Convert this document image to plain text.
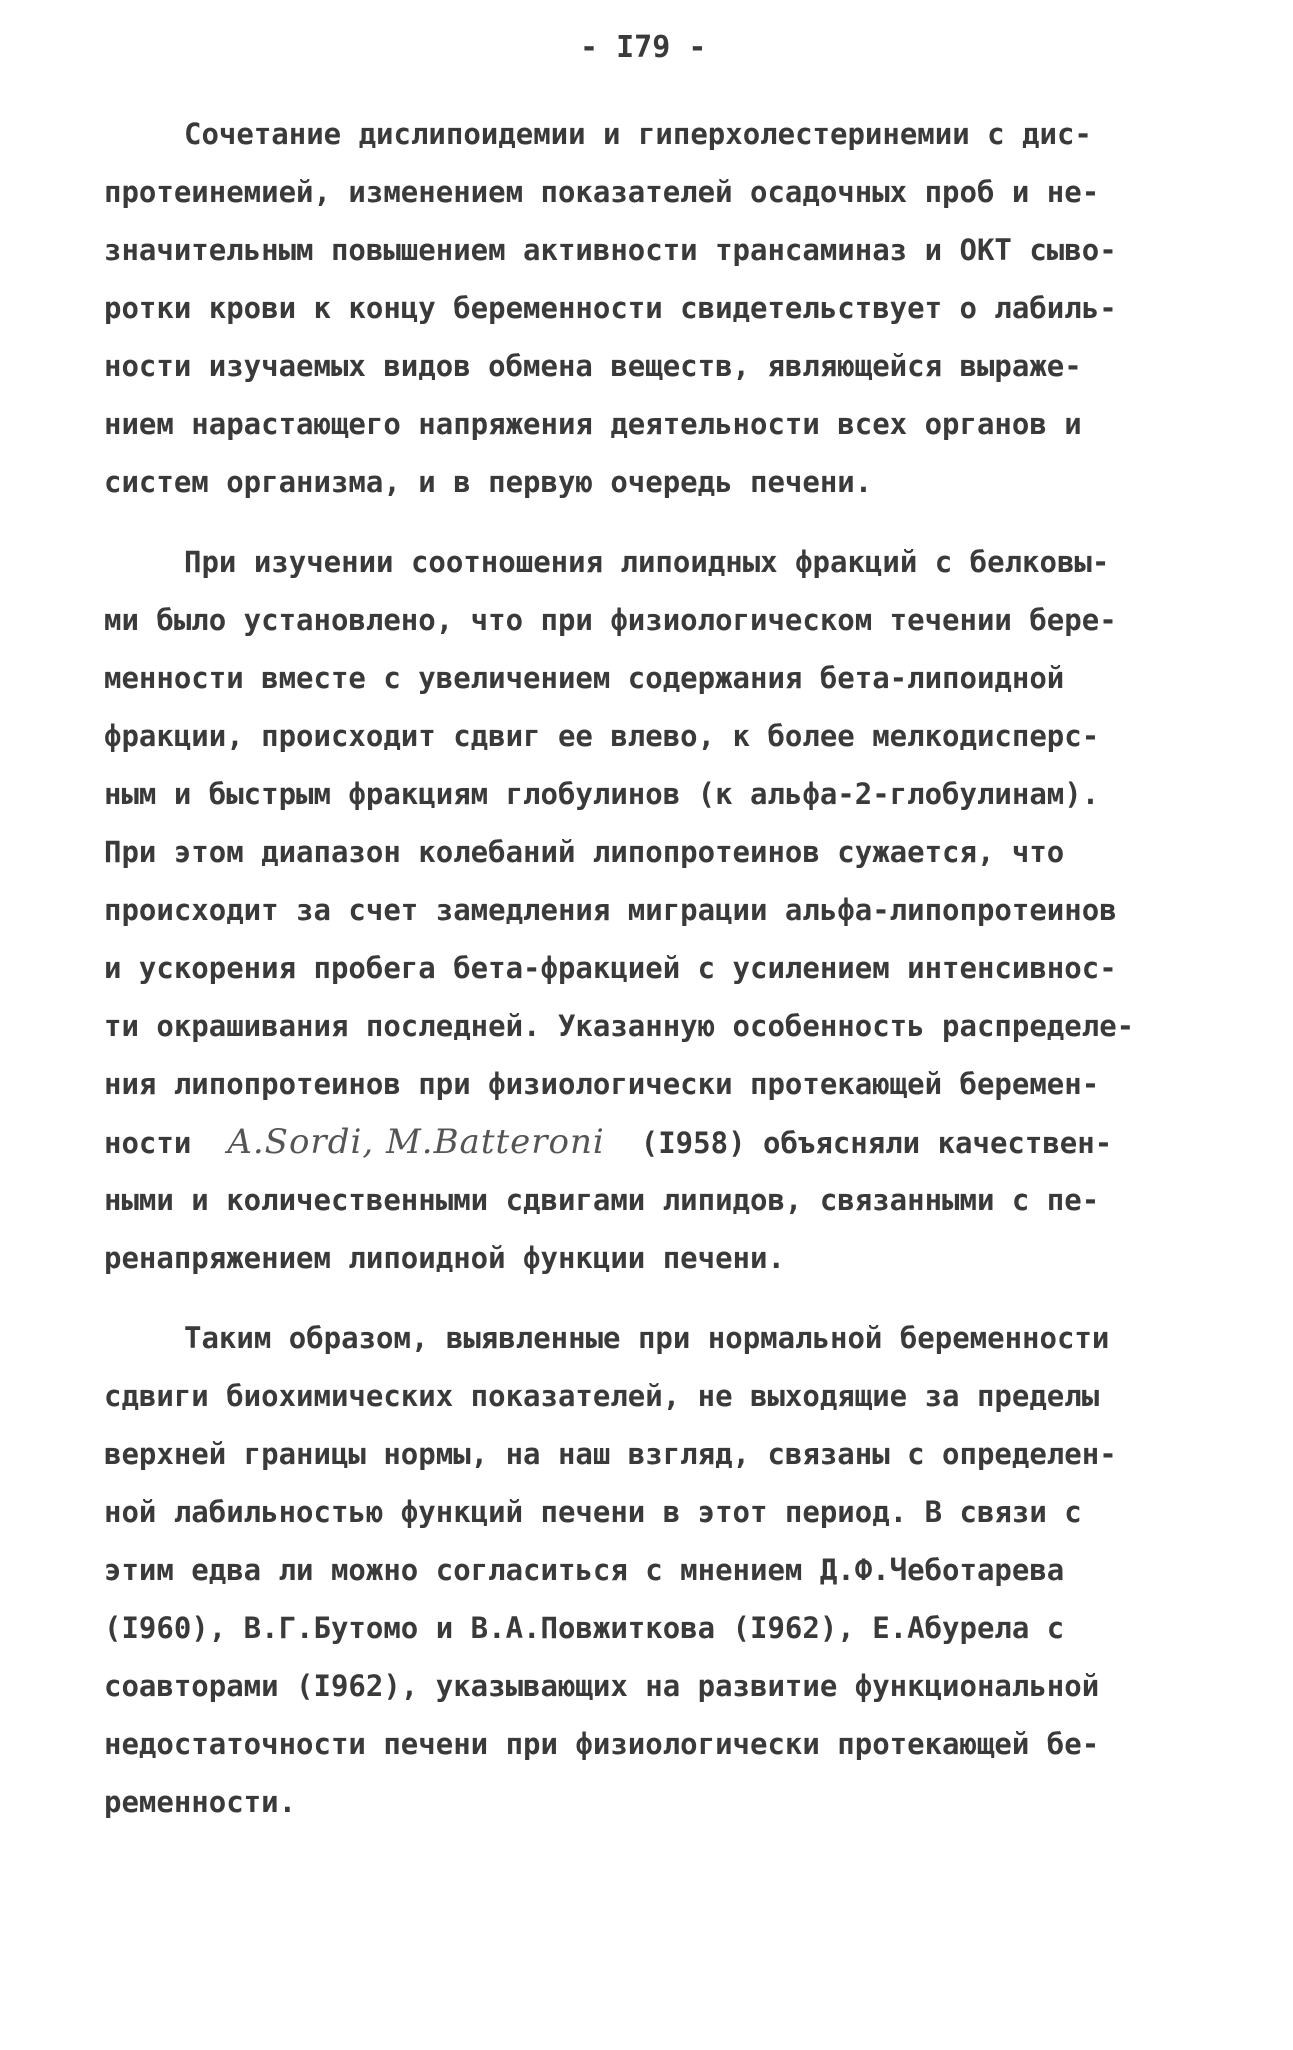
- I79 -
Сочетание дислипоидемии и гиперхолестеринемии с дис-
протеинемией, изменением показателей осадочных проб и не-
значительным повышением активности трансаминаз и ОКТ сыво-
ротки крови к концу беременности свидетельствует о лабиль-
ности изучаемых видов обмена веществ, являющейся выраже-
нием нарастающего напряжения деятельности всех органов и
систем организма, и в первую очередь печени.
При изучении соотношения липоидных фракций с белковы-
ми было установлено, что при физиологическом течении бере-
менности вместе с увеличением содержания бета-липоидной
фракции, происходит сдвиг ее влево, к более мелкодисперс-
ным и быстрым фракциям глобулинов (к альфа-2-глобулинам).
При этом диапазон колебаний липопротеинов сужается, что
происходит за счет замедления миграции альфа-липопротеинов
и ускорения пробега бета-фракцией с усилением интенсивнос-
ти окрашивания последней. Указанную особенность распределе-
ния липопротеинов при физиологически протекающей беремен-
ности A.Sordi, M.Batteroni (I958) объясняли качествен-
ными и количественными сдвигами липидов, связанными с пе-
ренапряжением липоидной функции печени.
Таким образом, выявленные при нормальной беременности
сдвиги биохимических показателей, не выходящие за пределы
верхней границы нормы, на наш взгляд, связаны с определен-
ной лабильностью функций печени в этот период. В связи с
этим едва ли можно согласиться с мнением Д.Ф.Чеботарева
(I960), В.Г.Бутомо и В.А.Повжиткова (I962), Е.Абурела с
соавторами (I962), указывающих на развитие функциональной
недостаточности печени при физиологически протекающей бе-
ременности.
